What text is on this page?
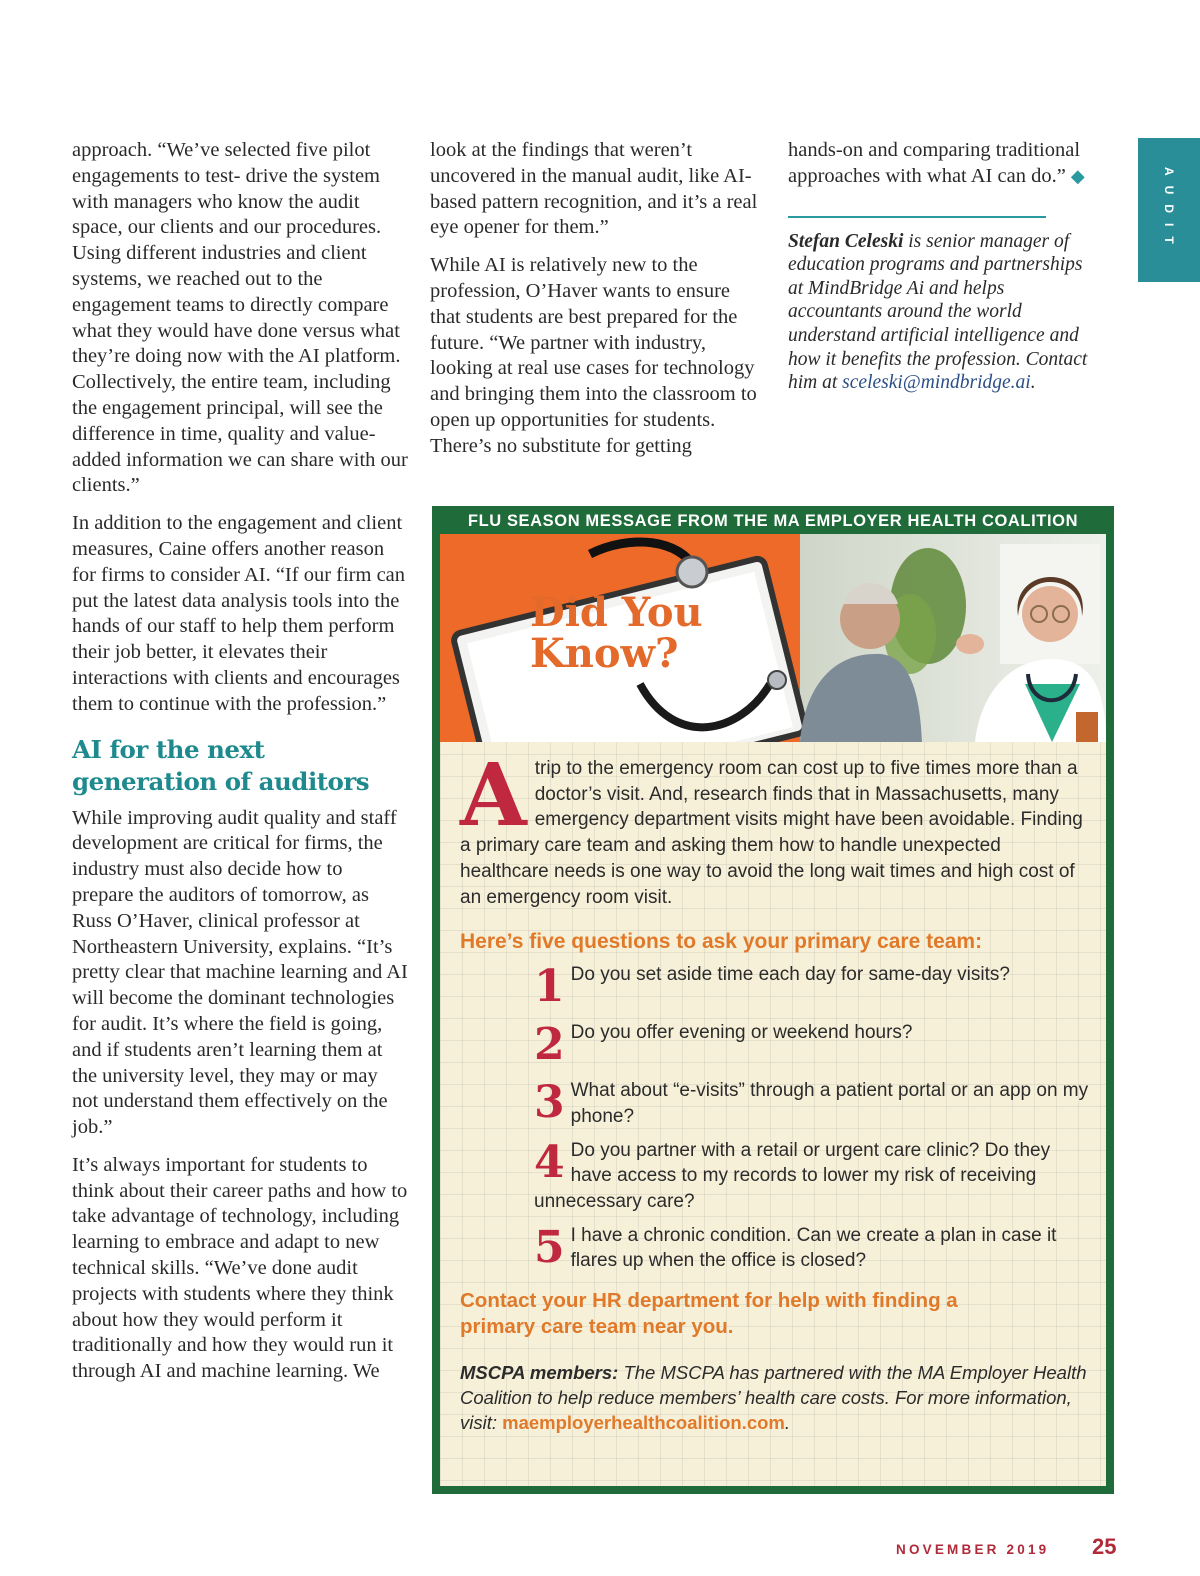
AUDIT

approach. “We’ve selected five pilot engagements to test- drive the system with managers who know the audit space, our clients and our procedures. Using different industries and client systems, we reached out to the engagement teams to directly compare what they would have done versus what they’re doing now with the AI platform. Collectively, the entire team, including the engagement principal, will see the difference in time, quality and value-added information we can share with our clients.”

In addition to the engagement and client measures, Caine offers another reason for firms to consider AI. “If our firm can put the latest data analysis tools into the hands of our staff to help them perform their job better, it elevates their interactions with clients and encourages them to continue with the profession.”

AI for the next generation of auditors

While improving audit quality and staff development are critical for firms, the industry must also decide how to prepare the auditors of tomorrow, as Russ O’Haver, clinical professor at Northeastern University, explains. “It’s pretty clear that machine learning and AI will become the dominant technologies for audit. It’s where the field is going, and if students aren’t learning them at the university level, they may or may not understand them effectively on the job.”

It’s always important for students to think about their career paths and how to take advantage of technology, including learning to embrace and adapt to new technical skills. “We’ve done audit projects with students where they think about how they would perform it traditionally and how they would run it through AI and machine learning. We

look at the findings that weren’t uncovered in the manual audit, like AI-based pattern recognition, and it’s a real eye opener for them.”

While AI is relatively new to the profession, O’Haver wants to ensure that students are best prepared for the future. “We partner with industry, looking at real use cases for technology and bringing them into the classroom to open up opportunities for students. There’s no substitute for getting

hands-on and comparing traditional approaches with what AI can do.” ◆

Stefan Celeski is senior manager of education programs and partnerships at MindBridge Ai and helps accountants around the world understand artificial intelligence and how it benefits the profession. Contact him at sceleski@mindbridge.ai.
FLU SEASON MESSAGE FROM THE MA EMPLOYER HEALTH COALITION
Did You
Know?

Atrip to the emergency room can cost up to five times more than a doctor’s visit. And, research finds that in Massachusetts, many emergency department visits might have been avoidable. Finding a primary care team and asking them how to handle unexpected healthcare needs is one way to avoid the long wait times and high cost of an emergency room visit.

Here’s five questions to ask your primary care team:
1 Do you set aside time each day for same-day visits?
2 Do you offer evening or weekend hours?
3 What about “e-visits” through a patient portal or an app on my phone?
4 Do you partner with a retail or urgent care clinic? Do they have access to my records to lower my risk of receiving unnecessary care?
5 I have a chronic condition. Can we create a plan in case it flares up when the office is closed?
Contact your HR department for help with finding a primary care team near you.
MSCPA members: The MSCPA has partnered with the MA Employer Health Coalition to help reduce members’ health care costs. For more information, visit: maemployerhealthcoalition.com.
NOVEMBER 2019 25
